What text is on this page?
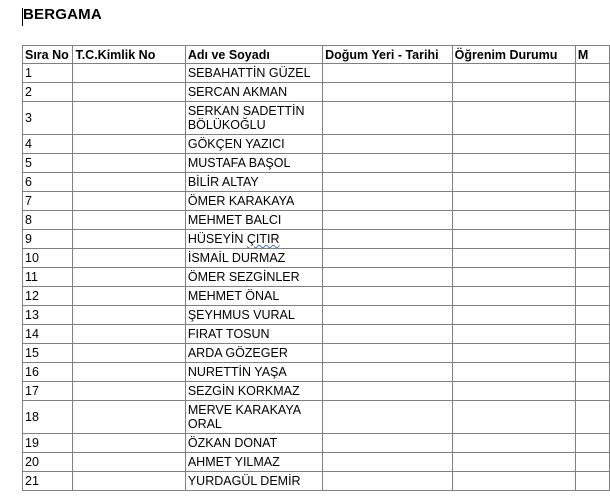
BERGAMA
Sıra No	T.C.Kimlik No	Adı ve Soyadı	Doğum Yeri - Tarihi	Öğrenim Durumu	M
1		SEBAHATTİN GÜZEL			
2		SERCAN AKMAN			
3		SERKAN SADETTİN BÖLÜKOĞLU			
4		GÖKÇEN YAZICI			
5		MUSTAFA BAŞOL			
6		BİLİR ALTAY			
7		ÖMER KARAKAYA			
8		MEHMET BALCI			
9		HÜSEYİN ÇITIR			
10		İSMAİL DURMAZ			
11		ÖMER SEZGİNLER			
12		MEHMET ÖNAL			
13		ŞEYHMUS VURAL			
14		FIRAT TOSUN			
15		ARDA GÖZEGER			
16		NURETTİN YAŞA			
17		SEZGİN KORKMAZ			
18		MERVE KARAKAYA ORAL			
19		ÖZKAN DONAT			
20		AHMET YILMAZ			
21		YURDAGÜL DEMİR			
